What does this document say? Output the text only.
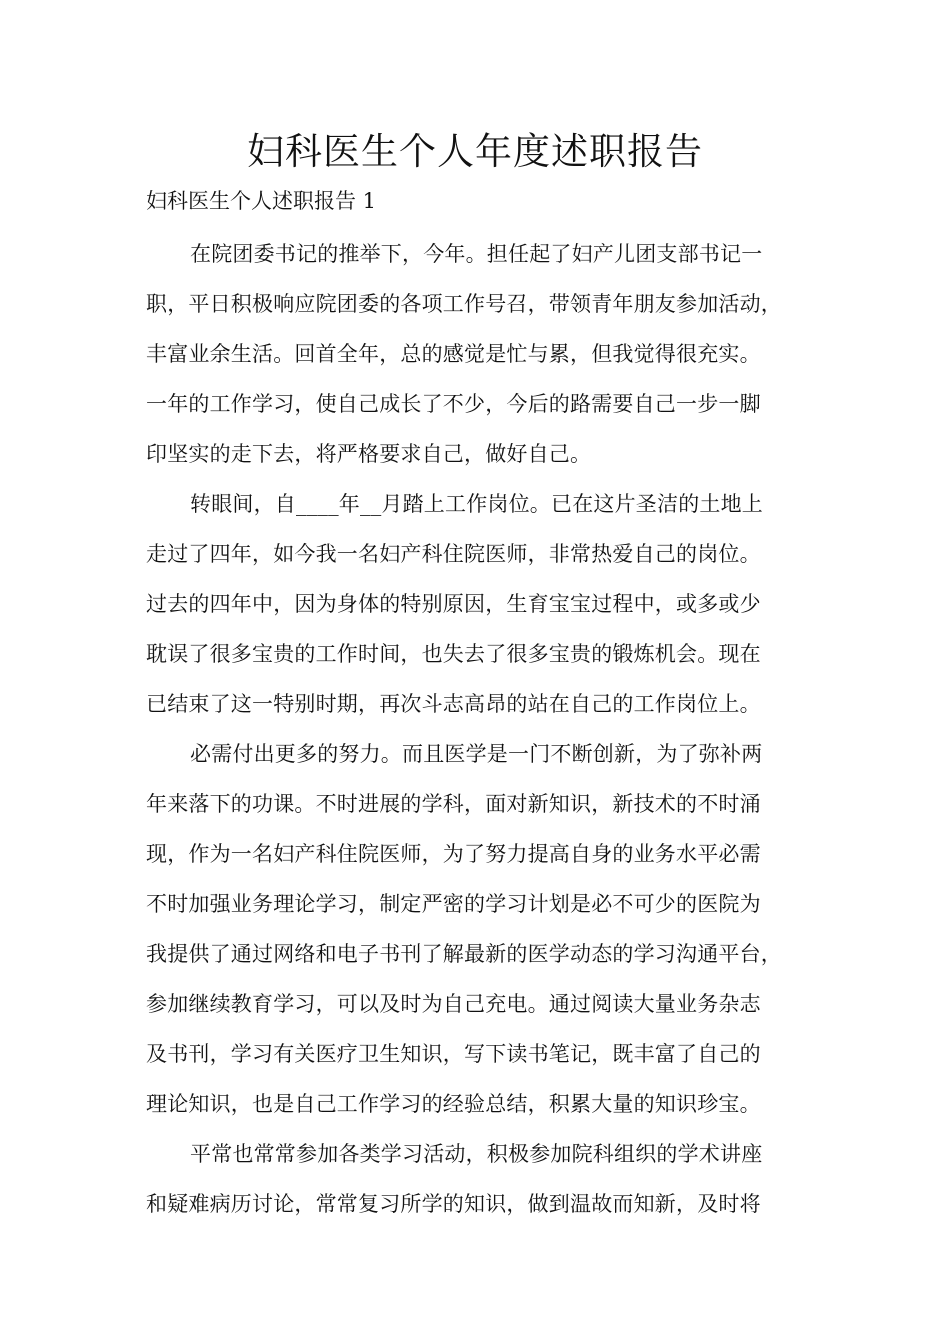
妇科医生个人年度述职报告

妇科医生个人述职报告 1

在院团委书记的推举下，今年。担任起了妇产儿团支部书记一
职，平日积极响应院团委的各项工作号召，带领青年朋友参加活动，
丰富业余生活。回首全年，总的感觉是忙与累，但我觉得很充实。
一年的工作学习，使自己成长了不少，今后的路需要自己一步一脚
印坚实的走下去，将严格要求自己，做好自己。
转眼间，自____年__月踏上工作岗位。已在这片圣洁的土地上
走过了四年，如今我一名妇产科住院医师，非常热爱自己的岗位。
过去的四年中，因为身体的特别原因，生育宝宝过程中，或多或少
耽误了很多宝贵的工作时间，也失去了很多宝贵的锻炼机会。现在
已结束了这一特别时期，再次斗志高昂的站在自己的工作岗位上。
必需付出更多的努力。而且医学是一门不断创新，为了弥补两
年来落下的功课。不时进展的学科，面对新知识，新技术的不时涌
现，作为一名妇产科住院医师，为了努力提高自身的业务水平必需
不时加强业务理论学习，制定严密的学习计划是必不可少的医院为
我提供了通过网络和电子书刊了解最新的医学动态的学习沟通平台，
参加继续教育学习，可以及时为自己充电。通过阅读大量业务杂志
及书刊，学习有关医疗卫生知识，写下读书笔记，既丰富了自己的
理论知识，也是自己工作学习的经验总结，积累大量的知识珍宝。
平常也常常参加各类学习活动，积极参加院科组织的学术讲座
和疑难病历讨论，常常复习所学的知识，做到温故而知新，及时将
